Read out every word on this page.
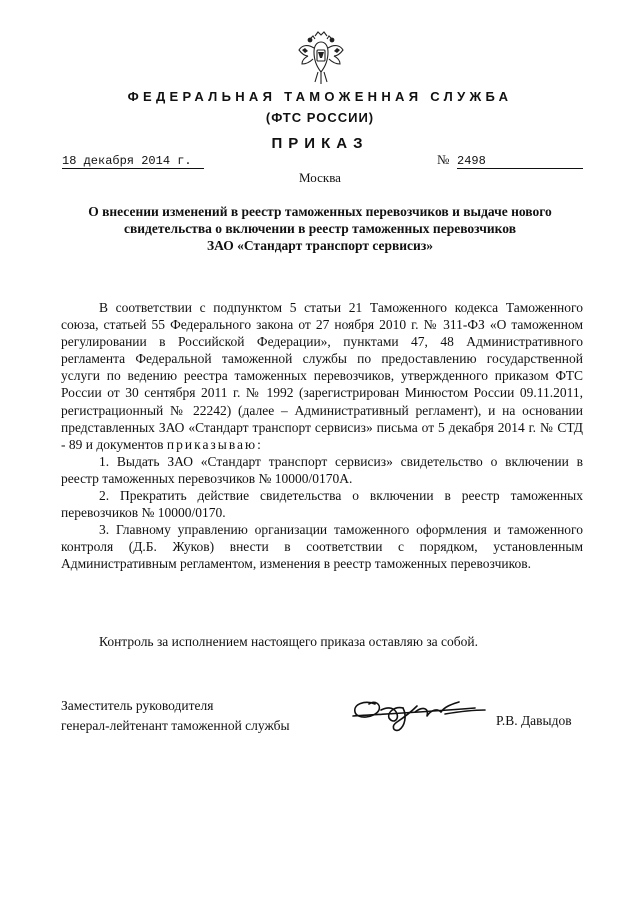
ФЕДЕРАЛЬНАЯ ТАМОЖЕННАЯ СЛУЖБА
(ФТС РОССИИ)
ПРИКАЗ
18 декабря 2014 г.	№ 2498
Москва
О внесении изменений в реестр таможенных перевозчиков и выдаче нового
свидетельства о включении в реестр таможенных перевозчиков
ЗАО «Стандарт транспорт сервисиз»

В соответствии с подпунктом 5 статьи 21 Таможенного кодекса Таможенного союза, статьей 55 Федерального закона от 27 ноября 2010 г. № 311-ФЗ «О таможенном регулировании в Российской Федерации», пунктами 47, 48 Административного регламента Федеральной таможенной службы по предоставлению государственной услуги по ведению реестра таможенных перевозчиков, утвержденного приказом ФТС России от 30 сентября 2011 г. № 1992 (зарегистрирован Минюстом России 09.11.2011, регистрационный № 22242) (далее – Административный регламент), и на основании представленных ЗАО «Стандарт транспорт сервисиз» письма от 5 декабря 2014 г. № СТД - 89 и документов приказываю:

1. Выдать ЗАО «Стандарт транспорт сервисиз» свидетельство о включении в реестр таможенных перевозчиков № 10000/0170А.

2. Прекратить действие свидетельства о включении в реестр таможенных перевозчиков № 10000/0170.

3. Главному управлению организации таможенного оформления и таможенного контроля (Д.Б. Жуков) внести в соответствии с порядком, установленным Административным регламентом, изменения в реестр таможенных перевозчиков.

Контроль за исполнением настоящего приказа оставляю за собой.
Заместитель руководителя
генерал-лейтенант таможенной службы	Р.В. Давыдов
